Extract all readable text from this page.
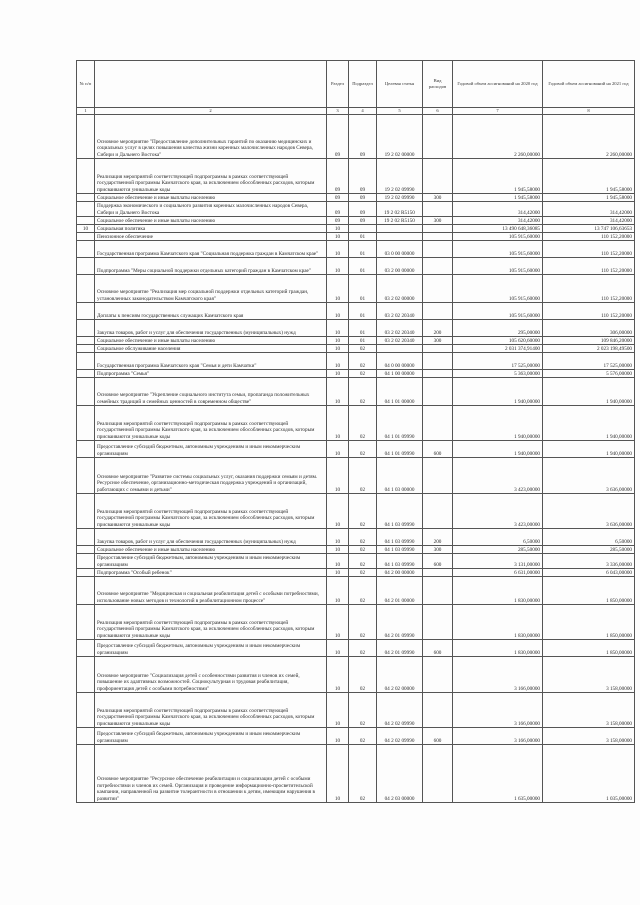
№ п/п		Раздел	Подраздел	Целевая статья	Вид расходов	Годовой объем ассигнований на 2020 год	Годовой объем ассигнований на 2021 год
1	2	3	4	5	6	7	8
	Основное мероприятие "Предоставление дополнительных гарантий по оказанию медицинских и социальных услуг в целях повышения качества жизни коренных малочисленных народов Севера, Сибири и Дальнего Востока"	09	09	19 2 02 00000		2 260,00000	2 260,00000
	Реализация мероприятий соответствующей подпрограммы в рамках соответствующей государственной программы Камчатского края, за исключением обособленных расходов, которым присваиваются уникальные коды	09	09	19 2 02 09990		1 945,58000	1 945,58000
	Социальное обеспечение и иные выплаты населению	09	09	19 2 02 09990	300	1 945,58000	1 945,58000
	Поддержка экономического и социального развития коренных малочисленных народов Севера, Сибири и Дальнего Востока	09	09	19 2 02 R5150		314,42000	314,42000
	Социальное обеспечение и иные выплаты населению	09	09	19 2 02 R5150	300	314,42000	314,42000
10	Социальная политика	10				13 490 648,36085	13 747 106,63653
	Пенсионное обеспечение	10	01			105 915,60000	110 152,20000
	Государственная программа Камчатского края "Социальная поддержка граждан в Камчатском крае"	10	01	03 0 00 00000		105 915,60000	110 152,20000
	Подпрограмма "Меры социальной поддержки отдельных категорий граждан в Камчатском крае"	10	01	03 2 00 00000		105 915,60000	110 152,20000
	Основное мероприятие "Реализация мер социальной поддержки отдельных категорий граждан, установленных законодательством Камчатского края"	10	01	03 2 02 00000		105 915,60000	110 152,20000
	Доплаты к пенсиям государственных служащих Камчатского края	10	01	03 2 02 20340		105 915,60000	110 152,20000
	Закупка товаров, работ и услуг для обеспечения государственных (муниципальных) нужд	10	01	03 2 02 20340	200	295,00000	306,00000
	Социальное обеспечение и иные выплаты населению	10	01	03 2 02 20340	300	105 620,60000	109 846,20000
	Социальное обслуживание населения	10	02			2 031 374,91400	2 023 198,49500
	Государственная программа Камчатского края "Семья и дети Камчатки"	10	02	04 0 00 00000		17 525,00000	17 525,00000
	Подпрограмма "Семья"	10	02	04 1 00 00000		5 363,00000	5 576,00000
	Основное мероприятие "Укрепление социального института семьи, пропаганда положительных семейных традиций и семейных ценностей в современном обществе"	10	02	04 1 01 00000		1 940,00000	1 940,00000
	Реализация мероприятий соответствующей подпрограммы в рамках соответствующей государственной программы Камчатского края, за исключением обособленных расходов, которым присваиваются уникальные коды	10	02	04 1 01 09990		1 940,00000	1 940,00000
	Предоставление субсидий бюджетным, автономным учреждениям и иным некоммерческим организациям	10	02	04 1 01 09990	600	1 940,00000	1 940,00000
	Основное мероприятие "Развитие системы социальных услуг, оказания поддержки семьям и детям. Ресурсное обеспечение, организационно-методическая поддержка учреждений и организаций, работающих с семьями и детьми"	10	02	04 1 03 00000		3 423,00000	3 636,00000
	Реализация мероприятий соответствующей подпрограммы в рамках соответствующей государственной программы Камчатского края, за исключением обособленных расходов, которым присваиваются уникальные коды	10	02	04 1 03 09990		3 423,00000	3 636,00000
	Закупка товаров, работ и услуг для обеспечения государственных (муниципальных) нужд	10	02	04 1 03 09990	200	6,50000	6,50000
	Социальное обеспечение и иные выплаты населению	10	02	04 1 03 09990	300	285,50000	285,50000
	Предоставление субсидий бюджетным, автономным учреждениям и иным некоммерческим организациям	10	02	04 1 03 09990	600	3 131,00000	3 336,00000
	Подпрограмма "Особый ребенок"	10	02	04 2 00 00000		6 631,00000	6 043,00000
	Основное мероприятие "Медицинская и социальная реабилитация детей с особыми потребностями, использование новых методов и технологий в реабилитационном процессе"	10	02	04 2 01 00000		1 830,00000	1 850,00000
	Реализация мероприятий соответствующей подпрограммы в рамках соответствующей государственной программы Камчатского края, за исключением обособленных расходов, которым присваиваются уникальные коды	10	02	04 2 01 09990		1 830,00000	1 850,00000
	Предоставление субсидий бюджетным, автономным учреждениям и иным некоммерческим организациям	10	02	04 2 01 09990	600	1 830,00000	1 850,00000
	Основное мероприятие "Социализация детей с особенностями развития и членов их семей, повышение их адаптивных возможностей. Социокультурная и трудовая реабилитация, профориентация детей с особыми потребностями"	10	02	04 2 02 00000		3 166,00000	3 158,00000
	Реализация мероприятий соответствующей подпрограммы в рамках соответствующей государственной программы Камчатского края, за исключением обособленных расходов, которым присваиваются уникальные коды	10	02	04 2 02 09990		3 166,00000	3 158,00000
	Предоставление субсидий бюджетным, автономным учреждениям и иным некоммерческим организациям	10	02	04 2 02 09990	600	3 166,00000	3 158,00000
	Основное мероприятие "Ресурсное обеспечение реабилитации и социализации детей с особыми потребностями и членов их семей. Организация и проведение информационно-просветительской кампании, направленной на развитие толерантности в отношении к детям, имеющим нарушения в развитии"	10	02	04 2 03 00000		1 635,00000	1 035,00000
